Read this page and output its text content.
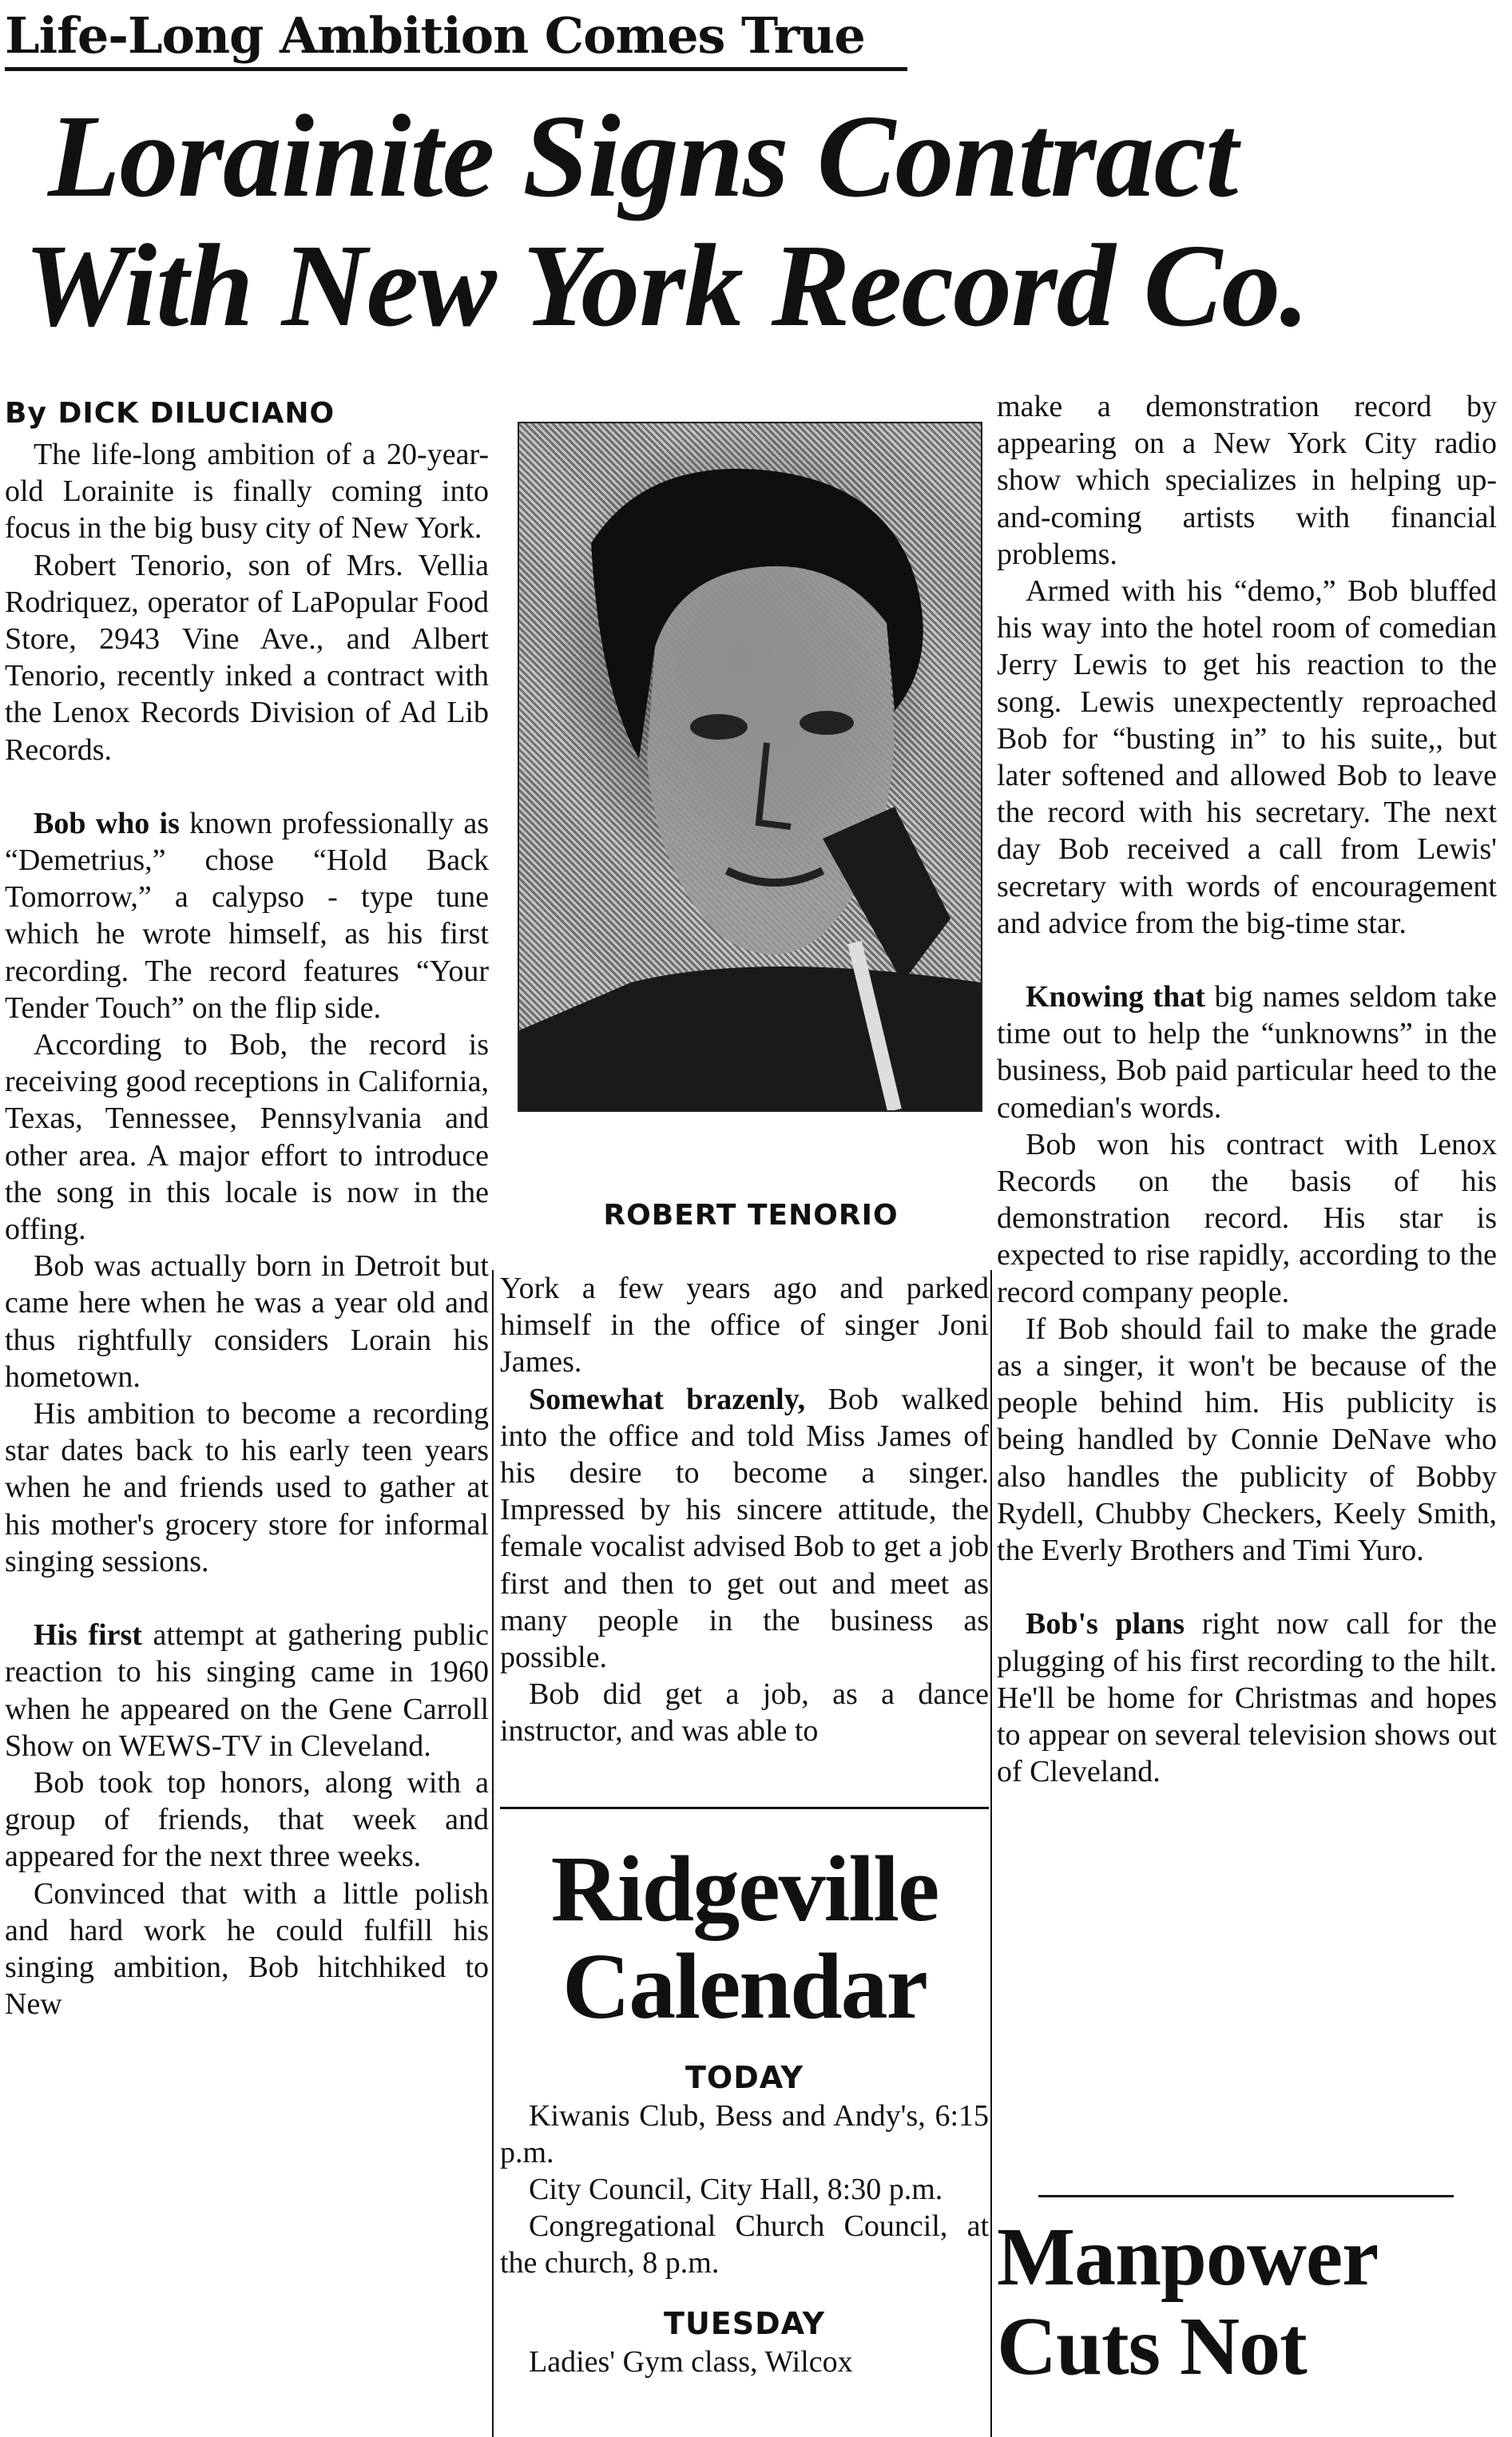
Life-Long Ambition Comes True
Lorainite Signs Contract
With New York Record Co.

By DICK DILUCIANO

The life-long ambition of a 20-year-old Lorainite is finally coming into focus in the big busy city of New York.

Robert Tenorio, son of Mrs. Vellia Rodriquez, operator of LaPopular Food Store, 2943 Vine Ave., and Albert Tenorio, recently inked a contract with the Lenox Records Division of Ad Lib Records.

Bob who is known professionally as “Demetrius,” chose “Hold Back Tomorrow,” a calypso - type tune which he wrote himself, as his first recording. The record features “Your Tender Touch” on the flip side.

According to Bob, the record is receiving good receptions in California, Texas, Tennessee, Pennsylvania and other area. A major effort to introduce the song in this locale is now in the offing.

Bob was actually born in Detroit but came here when he was a year old and thus rightfully considers Lorain his hometown.

His ambition to become a recording star dates back to his early teen years when he and friends used to gather at his mother's grocery store for informal singing sessions.

His first attempt at gathering public reaction to his singing came in 1960 when he appeared on the Gene Carroll Show on WEWS-TV in Cleveland.

Bob took top honors, along with a group of friends, that week and appeared for the next three weeks.

Convinced that with a little polish and hard work he could fulfill his singing ambition, Bob hitchhiked to New

ROBERT TENORIO

York a few years ago and parked himself in the office of singer Joni James.

Somewhat brazenly, Bob walked into the office and told Miss James of his desire to become a singer. Impressed by his sincere attitude, the female vocalist advised Bob to get a job first and then to get out and meet as many people in the business as possible.

Bob did get a job, as a dance instructor, and was able to

Ridgeville
Calendar
TODAY

Kiwanis Club, Bess and Andy's, 6:15 p.m.

City Council, City Hall, 8:30 p.m.

Congregational Church Council, at the church, 8 p.m.

TUESDAY

Ladies' Gym class, Wilcox

make a demonstration record by appearing on a New York City radio show which specializes in helping up-and-coming artists with financial problems.

Armed with his “demo,” Bob bluffed his way into the hotel room of comedian Jerry Lewis to get his reaction to the song. Lewis unexpectently reproached Bob for “busting in” to his suite,, but later softened and allowed Bob to leave the record with his secretary. The next day Bob received a call from Lewis' secretary with words of encouragement and advice from the big-time star.

Knowing that big names seldom take time out to help the “unknowns” in the business, Bob paid particular heed to the comedian's words.

Bob won his contract with Lenox Records on the basis of his demonstration record. His star is expected to rise rapidly, according to the record company people.

If Bob should fail to make the grade as a singer, it won't be because of the people behind him. His publicity is being handled by Connie DeNave who also handles the publicity of Bobby Rydell, Chubby Checkers, Keely Smith, the Everly Brothers and Timi Yuro.

Bob's plans right now call for the plugging of his first recording to the hilt. He'll be home for Christmas and hopes to appear on several television shows out of Cleveland.

Manpower

Cuts Not
